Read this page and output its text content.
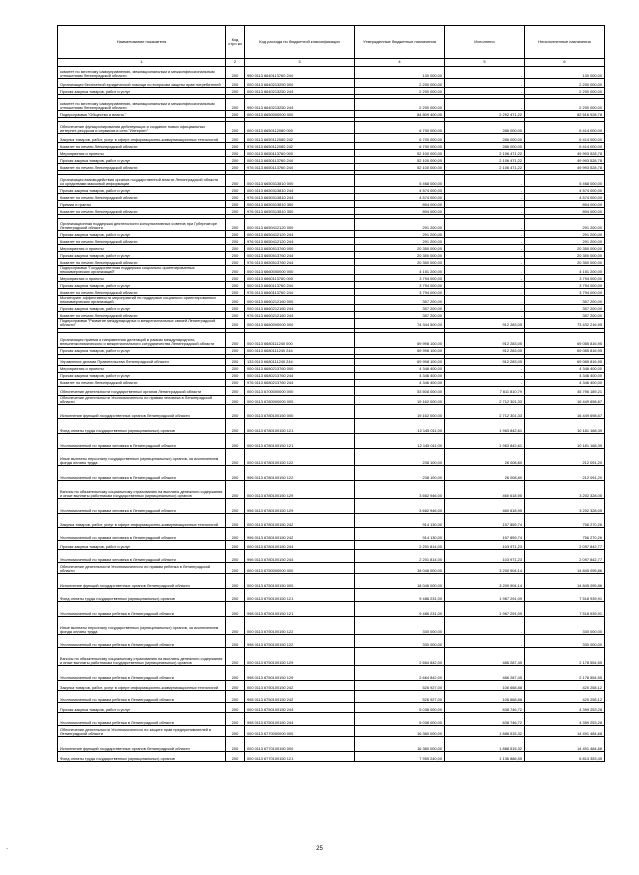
Наименование показателя	Код стро ки	Код расхода по бюджетной классификации	Утвержденные бюджетные назначения	Исполнено	Неисполненные назначения
1	2	3	4	5	6
комитет по местному самоуправлению, межнациональным и межконфессиональным отношениям Ленинградской области	200	990 0113 6640113760 244	130 000,00	-	130 000,00
Организация бесплатной юридической помощи по вопросам защиты прав потребителей	200	000 0113 6640213250 000	2 200 000,00	-	2 200 000,00
Прочая закупка товаров, работ и услуг	200	000 0113 6640213250 244	2 200 000,00	-	2 200 000,00

комитет по местному самоуправлению, межнациональным и межконфессиональным отношениям Ленинградской области	200	990 0113 6640213250 244	2 200 000,00	-	2 200 000,00
Подпрограмма "Общество и власть"	200	000 0113 6650000000 000	84 809 400,00	2 292 471,22	82 516 928,78

Обеспечение функционирования действующих и создание новых официальных интернет-ресурсов и сервисов в сети "Интернет"	200	000 0113 6650112080 000	6 700 000,00	286 000,00	6 414 000,00
Закупка товаров, работ, услуг в сфере информационно-коммуникационных технологий	200	000 0113 6650112080 242	6 700 000,00	286 000,00	6 414 000,00
Комитет по печати Ленинградской области	200	976 0113 6650112080 242	6 700 000,00	286 000,00	6 414 000,00
Мероприятия и проекты	200	000 0113 6650113760 000	52 100 000,00	2 106 471,22	49 993 528,78
Прочая закупка товаров, работ и услуг	200	000 0113 6650113760 244	52 100 000,00	2 106 471,22	49 993 528,78
Комитет по печати Ленинградской области	200	976 0113 6650113760 244	52 100 000,00	2 106 471,22	49 993 528,78

Организация взаимодействия органов государственной власти Ленинградской области со средствами массовой информации	200	000 0113 6650313810 000	5 468 000,00	-	5 468 000,00
Прочая закупка товаров, работ и услуг	200	000 0113 6650313810 244	4 574 000,00	-	4 574 000,00
Комитет по печати Ленинградской области	200	976 0113 6650313810 244	4 574 000,00	-	4 574 000,00
Премии и гранты	200	000 0113 6650313810 350	894 000,00	-	894 000,00
Комитет по печати Ленинградской области	200	976 0113 6650313810 350	894 000,00	-	894 000,00

Организационная поддержка деятельности консультативных советов при Губернаторе Ленинградской области	200	000 0113 6650412120 000	291 200,00	-	291 200,00
Прочая закупка товаров, работ и услуг	200	000 0113 6650412120 244	291 200,00	-	291 200,00
Комитет по печати Ленинградской области	200	976 0113 6650412120 244	291 200,00	-	291 200,00
Мероприятия и проекты	200	000 0113 6650513760 000	20 350 000,00	-	20 350 000,00
Прочая закупка товаров, работ и услуг	200	000 0113 6650513760 244	20 350 000,00	-	20 350 000,00
Комитет по печати Ленинградской области	200	976 0113 6650513760 244	20 350 000,00	-	20 350 000,00
Подпрограмма "Государственная поддержка социально ориентированных некоммерческих организаций"	200	000 0113 6660000000 000	4 151 200,00	-	4 151 200,00
Мероприятия и проекты	200	000 0113 6660113760 000	3 794 000,00	-	3 794 000,00
Прочая закупка товаров, работ и услуг	200	000 0113 6660113760 244	3 794 000,00	-	3 794 000,00
Комитет по печати Ленинградской области	200	976 0113 6660113760 244	3 794 000,00	-	3 794 000,00
Мониторинг эффективности мероприятий по поддержке социально ориентированных некоммерческих организаций	200	000 0113 6660212160 000	357 200,00	-	357 200,00
Прочая закупка товаров, работ и услуг	200	000 0113 6660212160 244	357 200,00	-	357 200,00
Комитет по печати Ленинградской области	200	976 0113 6660212160 244	357 200,00	-	357 200,00
Подпрограмма "Развитие международных и межрегиональных связей Ленинградской области"	200	000 0113 6680000000 000	74 344 500,00	912 283,05	73 432 216,95

Организация приема и направления делегаций в рамках международного, внешнеэкономического и межрегионального сотрудничества Ленинградской области	200	000 0113 6680111240 000	69 998 100,00	912 283,05	69 085 816,95
Прочая закупка товаров, работ и услуг	200	000 0113 6680111240 244	69 998 100,00	912 283,05	69 085 816,95

Управление делами Правительства Ленинградской области	200	133 0113 6680111240 244	69 998 100,00	912 283,05	69 085 816,95
Мероприятия и проекты	200	000 0113 6680213760 000	4 346 400,00	-	4 346 400,00
Прочая закупка товаров, работ и услуг	200	000 0113 6680213760 244	4 346 400,00	-	4 346 400,00
Комитет по печати Ленинградской области	200	976 0113 6680213760 244	4 346 400,00	-	4 346 400,00
Обеспечение деятельности государственных органов Ленинградской области	200	000 0113 6700000000 000	53 608 000,00	7 811 810,79	45 796 189,21
Обеспечение деятельности Уполномоченного по правам человека в Ленинградской области	200	000 0113 6780000000 000	19 162 000,00	2 712 301,33	16 449 698,67
Исполнение функций государственных органов Ленинградской области	200	000 0113 6780100150 000	19 162 000,00	2 712 301,33	16 449 698,67
Фонд оплаты труда государственных (муниципальных) органов	200	000 0113 6780100150 121	12 145 011,00	1 963 842,61	10 181 168,39
Уполномоченный по правам человека в Ленинградской области	200	000 0113 6780100150 121	12 145 011,00	1 963 842,61	10 181 168,39
Иные выплаты персоналу государственных (муниципальных) органов, за исключением фонда оплаты труда	200	000 0113 6780100150 122	238 100,00	26 008,80	212 091,20
Уполномоченный по правам человека в Ленинградской области	200	996 0113 6780100150 122	238 100,00	26 008,80	212 091,20
Взносы по обязательному социальному страхованию на выплаты денежного содержания и иные выплаты работникам государственных (муниципальных) органов	200	000 0113 6780100150 129	3 662 946,00	460 618,95	3 202 328,05
Уполномоченный по правам человека в Ленинградской области	200	996 0113 6780100150 129	3 662 946,00	460 618,95	3 202 328,05
Закупка товаров, работ, услуг в сфере информационно-коммуникационных технологий	200	000 0113 6780100150 242	914 130,00	157 859,74	756 270,26
Уполномоченный по правам человека в Ленинградской области	200	996 0113 6780100150 242	914 130,00	157 859,74	756 270,26
Прочая закупка товаров, работ и услуг	200	000 0113 6780100150 244	2 201 814,00	103 971,23	2 097 842,77
Уполномоченный по правам человека в Ленинградской области	200	996 0113 6780100150 244	2 201 814,00	103 971,23	2 097 842,77
Обеспечение деятельности Уполномоченного по правам ребенка в Ленинградской области	200	000 0113 6750000000 000	18 046 000,00	3 200 904,14	14 845 095,86
Исполнение функций государственных органов Ленинградской области	200	000 0113 6750100150 000	18 046 000,00	3 200 904,14	14 845 095,86
Фонд оплаты труда государственных (муниципальных) органов	200	000 0113 6750100150 121	9 486 231,00	1 967 291,09	7 518 939,91
Уполномоченный по правам ребенка в Ленинградской области	200	998 0113 6750100150 121	9 486 231,00	1 967 291,09	7 518 939,91
Иные выплаты персоналу государственных (муниципальных) органов, за исключением фонда оплаты труда	200	000 0113 6750100150 122	330 000,00	-	330 000,00
Уполномоченный по правам ребенка в Ленинградской области	200	998 0113 6750100150 122	330 000,00	-	330 000,00
Взносы по обязательному социальному страхованию на выплаты денежного содержания и иные выплаты работникам государственных (муниципальных) органов	200	000 0113 6750100150 129	2 664 842,00	486 287,45	2 178 554,55
Уполномоченный по правам ребенка в Ленинградской области	200	998 0113 6750100150 129	2 664 842,00	486 287,45	2 178 554,55
Закупка товаров, работ, услуг в сфере информационно-коммуникационных технологий	200	000 0113 6750100150 242	526 927,00	106 668,88	420 258,12
Уполномоченный по правам ребенка в Ленинградской области	200	998 0113 6750100150 242	526 927,00	106 668,88	420 258,12
Прочая закупка товаров, работ и услуг	200	000 0113 6750100150 244	5 038 000,00	638 746,72	4 399 253,28
Уполномоченный по правам ребенка в Ленинградской области	200	998 0113 6750100150 244	5 038 000,00	638 746,72	4 399 253,28
Обеспечение деятельности Уполномоченного по защите прав предпринимателей в Ленинградской области	200	000 0113 6770000000 000	16 380 000,00	1 888 515,32	14 491 484,68
Исполнение функций государственных органов Ленинградской области	200	000 0113 6770100150 000	16 380 000,00	1 888 515,32	14 491 484,68
Фонд оплаты труда государственных (муниципальных) органов	200	000 0113 6770100150 121	7 950 240,00	1 136 886,55	6 813 353,45
.	25
